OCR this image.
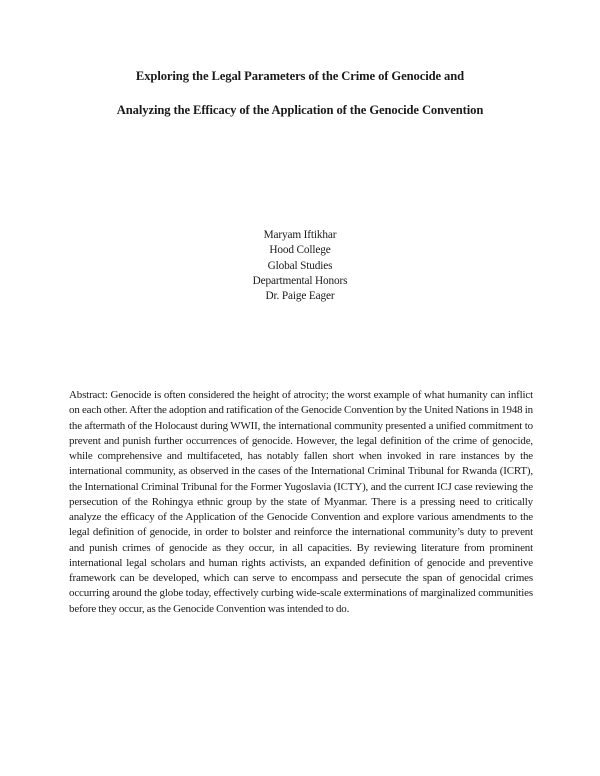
Exploring the Legal Parameters of the Crime of Genocide and
Analyzing the Efficacy of the Application of the Genocide Convention
Maryam Iftikhar
Hood College
Global Studies
Departmental Honors
Dr. Paige Eager

Abstract: Genocide is often considered the height of atrocity; the worst example of what humanity can inflict on each other. After the adoption and ratification of the Genocide Convention by the United Nations in 1948 in the aftermath of the Holocaust during WWII, the international community presented a unified commitment to prevent and punish further occurrences of genocide. However, the legal definition of the crime of genocide, while comprehensive and multifaceted, has notably fallen short when invoked in rare instances by the international community, as observed in the cases of the International Criminal Tribunal for Rwanda (ICRT), the International Criminal Tribunal for the Former Yugoslavia (ICTY), and the current ICJ case reviewing the persecution of the Rohingya ethnic group by the state of Myanmar. There is a pressing need to critically analyze the efficacy of the Application of the Genocide Convention and explore various amendments to the legal definition of genocide, in order to bolster and reinforce the international community’s duty to prevent and punish crimes of genocide as they occur, in all capacities. By reviewing literature from prominent international legal scholars and human rights activists, an expanded definition of genocide and preventive framework can be developed, which can serve to encompass and persecute the span of genocidal crimes occurring around the globe today, effectively curbing wide-scale exterminations of marginalized communities before they occur, as the Genocide Convention was intended to do.
